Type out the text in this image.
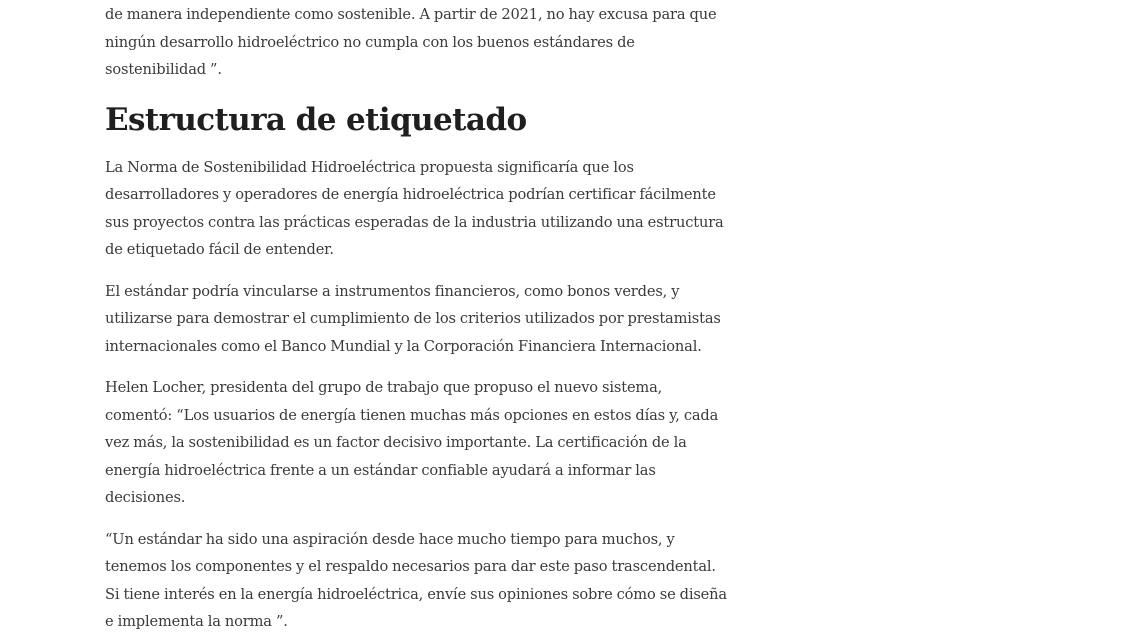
de manera independiente como sostenible. A partir de 2021, no hay excusa para que ningún desarrollo hidroeléctrico no cumpla con los buenos estándares de sostenibilidad ”.

Estructura de etiquetado

La Norma de Sostenibilidad Hidroeléctrica propuesta significaría que los desarrolladores y operadores de energía hidroeléctrica podrían certificar fácilmente sus proyectos contra las prácticas esperadas de la industria utilizando una estructura de etiquetado fácil de entender.

El estándar podría vincularse a instrumentos financieros, como bonos verdes, y utilizarse para demostrar el cumplimiento de los criterios utilizados por prestamistas internacionales como el Banco Mundial y la Corporación Financiera Internacional.

Helen Locher, presidenta del grupo de trabajo que propuso el nuevo sistema, comentó: “Los usuarios de energía tienen muchas más opciones en estos días y, cada vez más, la sostenibilidad es un factor decisivo importante. La certificación de la energía hidroeléctrica frente a un estándar confiable ayudará a informar las decisiones.

“Un estándar ha sido una aspiración desde hace mucho tiempo para muchos, y tenemos los componentes y el respaldo necesarios para dar este paso trascendental. Si tiene interés en la energía hidroeléctrica, envíe sus opiniones sobre cómo se diseña e implementa la norma ”.
